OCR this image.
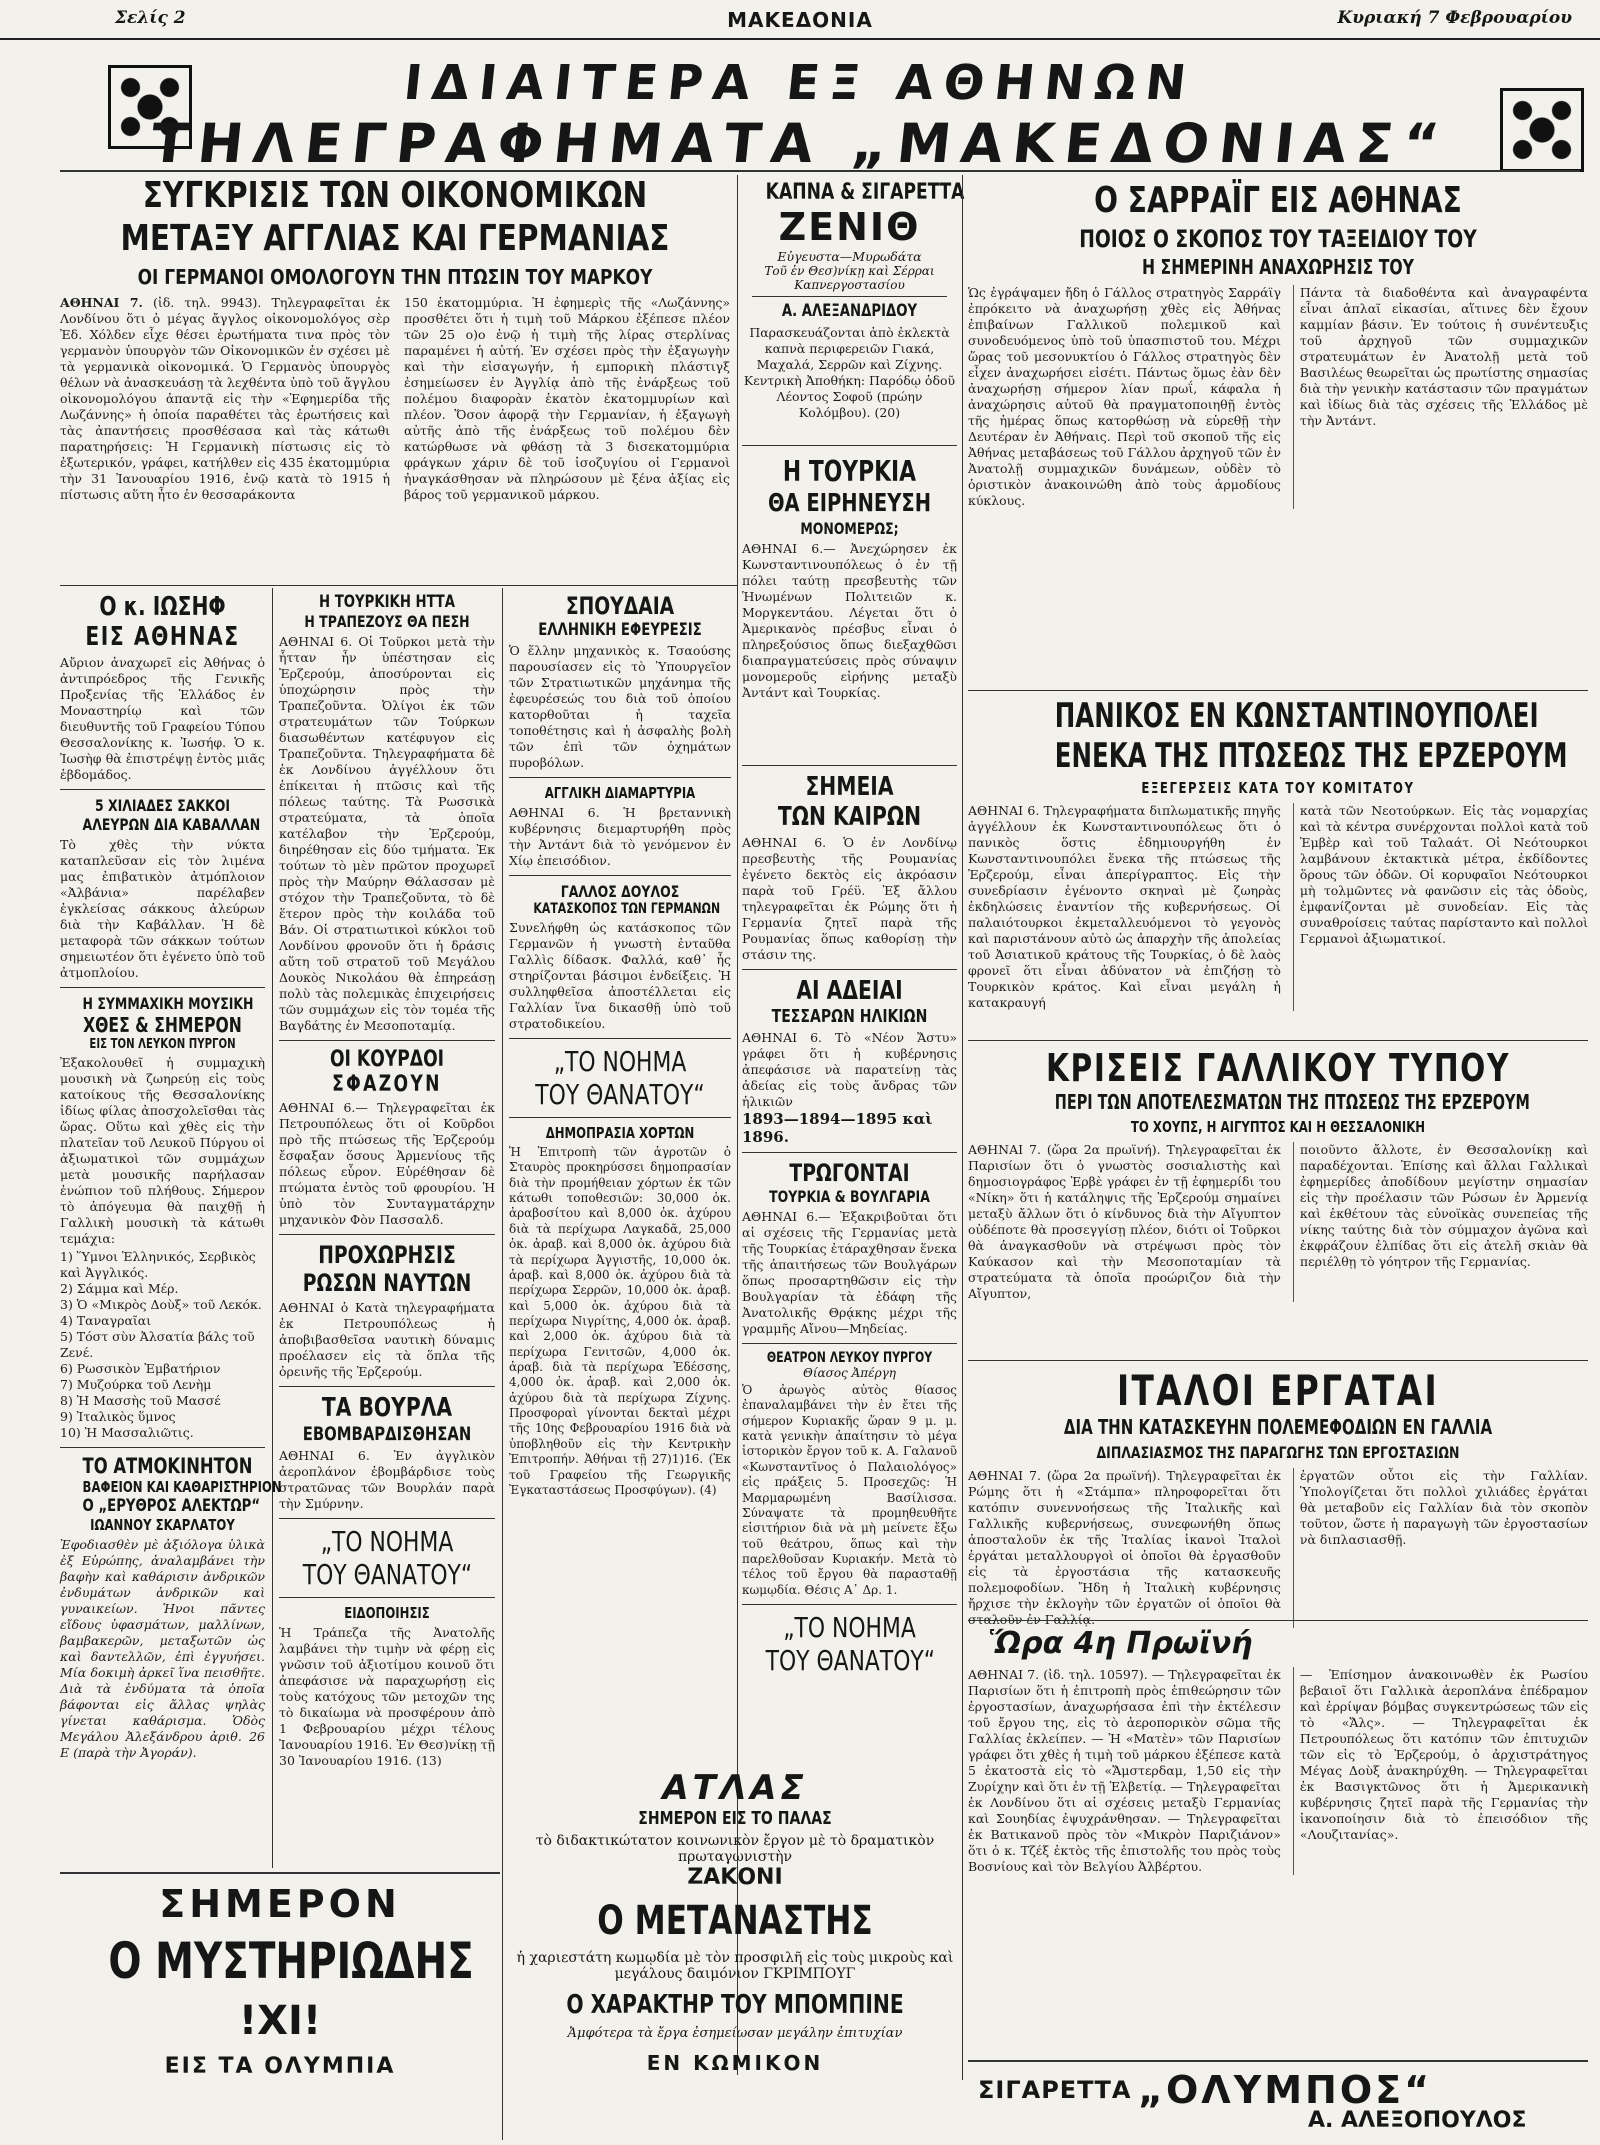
Σελίς 2	ΜΑΚΕΔΟΝΙΑ	Κυριακή 7 Φεβρουαρίου
ΙΔΙΑΙΤΕΡΑ ΕΞ ΑΘΗΝΩΝ
ΤΗΛΕΓΡΑΦΗΜΑΤΑ „ΜΑΚΕΔΟΝΙΑΣ“
ΣΥΓΚΡΙΣΙΣ ΤΩΝ ΟΙΚΟΝΟΜΙΚΩΝ
ΜΕΤΑΞΥ ΑΓΓΛΙΑΣ ΚΑΙ ΓΕΡΜΑΝΙΑΣ
ΟΙ ΓΕΡΜΑΝΟΙ ΟΜΟΛΟΓΟΥΝ ΤΗΝ ΠΤΩΣΙΝ ΤΟΥ ΜΑΡΚΟΥ
ΑΘΗΝΑΙ 7. (ἰδ. τηλ. 9943). Τηλεγραφεῖται ἐκ Λονδίνου ὅτι ὁ μέγας ἄγγλος οἰκονομολόγος σὲρ Ἐδ. Χόλδεν εἶχε θέσει ἐρωτήματα τινα πρὸς τὸν γερμανὸν ὑπουργὸν τῶν Οἰκονομικῶν ἐν σχέσει μὲ τὰ γερμανικὰ οἰκονομικά. Ὁ Γερμανὸς ὑπουργὸς θέλων νὰ ἀνασκευάσῃ τὰ λεχθέντα ὑπὸ τοῦ ἄγγλου οἰκονομολόγου ἀπαντᾷ εἰς τὴν «Ἐφημερίδα τῆς Λωζάννης» ἡ ὁποία παραθέτει τὰς ἐρωτήσεις καὶ τὰς ἀπαντήσεις προσθέσασα καὶ τὰς κάτωθι παρατηρήσεις: Ἡ Γερμανικὴ πίστωσις εἰς τὸ ἐξωτερικόν, γράφει, κατήλθεν εἰς 435 ἑκατομμύρια τὴν 31 Ἰανουαρίου 1916, ἐνῷ κατὰ τὸ 1915 ἡ πίστωσις αὕτη ἦτο ἐν θεσσαράκοντα
150 ἑκατομμύρια. Ἡ ἐφημερὶς τῆς «Λωζάννης» προσθέτει ὅτι ἡ τιμὴ τοῦ Μάρκου ἐξέπεσε πλέον τῶν 25 ο)ο ἐνῷ ἡ τιμὴ τῆς λίρας στερλίνας παραμένει ἡ αὐτή. Ἐν σχέσει πρὸς τὴν ἐξαγωγὴν καὶ τὴν εἰσαγωγήν, ἡ εμπορικὴ πλάστιγξ ἐσημείωσεν ἐν Ἀγγλίᾳ ἀπὸ τῆς ἐνάρξεως τοῦ πολέμου διαφορὰν ἑκατὸν ἑκατομμυρίων καὶ πλέον. Ὅσον ἀφορᾷ τὴν Γερμανίαν, ἡ ἐξαγωγὴ αὐτῆς ἀπὸ τῆς ἐνάρξεως τοῦ πολέμου δὲν κατώρθωσε νὰ φθάσῃ τὰ 3 δισεκατομμύρια φράγκων χάριν δὲ τοῦ ἰσοζυγίου οἱ Γερμανοὶ ἠναγκάσθησαν νὰ πληρώσουν μὲ ξένα ἀξίας εἰς βάρος τοῦ γερμανικοῦ μάρκου.
ΚΑΠΝΑ & ΣΙΓΑΡΕΤΤΑ
ΖΕΝΙΘ
Εὐγευστα—Μυρωδάτα
Τοῦ ἐν Θεσ)νίκῃ καὶ Σέρραι Καπνεργοστασίου
Α. ΑΛΕΞΑΝΔΡΙΔΟΥ
Παρασκευάζονται ἀπὸ ἐκλεκτὰ καπνὰ περιφερειῶν Γιακά, Μαχαλά, Σερρῶν καὶ Ζίχνης. Κεντρικὴ Ἀποθήκη: Παρόδῳ ὁδοῦ Λέοντος Σοφοῦ (πρώην Κολόμβου). (20)
Η ΤΟΥΡΚΙΑ
ΘΑ ΕΙΡΗΝΕΥΣΗ
ΜΟΝΟΜΕΡΩΣ;
ΑΘΗΝΑΙ 6.— Ἀνεχώρησεν ἐκ Κωνσταντινουπόλεως ὁ ἐν τῇ πόλει ταύτῃ πρεσβευτὴς τῶν Ἡνωμένων Πολιτειῶν κ. Μοργκεντάου. Λέγεται ὅτι ὁ Ἀμερικανὸς πρέσβυς εἶναι ὁ πληρεξούσιος ὅπως διεξαχθῶσι διαπραγματεύσεις πρὸς σύναψιν μονομεροῦς εἰρήνης μεταξὺ Ἀντάντ καὶ Τουρκίας.
Ο ΣΑΡΡΑΪΓ ΕΙΣ ΑΘΗΝΑΣ
ΠΟΙΟΣ Ο ΣΚΟΠΟΣ ΤΟΥ ΤΑΞΕΙΔΙΟΥ ΤΟΥ
Η ΣΗΜΕΡΙΝΗ ΑΝΑΧΩΡΗΣΙΣ ΤΟΥ
Ὡς ἐγράψαμεν ἤδη ὁ Γάλλος στρατηγὸς Σαρράϊγ ἐπρόκειτο νὰ ἀναχωρήσῃ χθὲς εἰς Ἀθήνας ἐπιβαίνων Γαλλικοῦ πολεμικοῦ καὶ συνοδευόμενος ὑπὸ τοῦ ὑπασπιστοῦ του. Μέχρι ὥρας τοῦ μεσονυκτίου ὁ Γάλλος στρατηγὸς δὲν εἶχεν ἀναχωρήσει εἰσέτι. Πάντως ὅμως ἐὰν δὲν ἀναχωρήσῃ σήμερον λίαν πρωΐ, κάφαλα ἡ ἀναχώρησις αὐτοῦ θὰ πραγματοποιηθῇ ἐντὸς τῆς ἡμέρας ὅπως κατορθώσῃ νὰ εὑρεθῇ τὴν Δευτέραν ἐν Ἀθήναις. Περὶ τοῦ σκοποῦ τῆς εἰς Ἀθήνας μεταβάσεως τοῦ Γάλλου ἀρχηγοῦ τῶν ἐν Ἀνατολῇ συμμαχικῶν δυνάμεων, οὐδὲν τὸ ὁριστικὸν ἀνακοινώθη ἀπὸ τοὺς ἁρμοδίους κύκλους.
Πάντα τὰ διαδοθέντα καὶ ἀναγραφέντα εἶναι ἁπλαῖ εἰκασίαι, αἵτινες δὲν ἔχουν καμμίαν βάσιν. Ἐν τούτοις ἡ συνέντευξις τοῦ ἀρχηγοῦ τῶν συμμαχικῶν στρατευμάτων ἐν Ἀνατολῇ μετὰ τοῦ Βασιλέως θεωρεῖται ὡς πρωτίστης σημασίας διὰ τὴν γενικὴν κατάστασιν τῶν πραγμάτων καὶ ἰδίως διὰ τὰς σχέσεις τῆς Ἑλλάδος μὲ τὴν Ἀντάντ.
Ο κ. ΙΩΣΗΦ
ΕΙΣ ΑΘΗΝΑΣ
Αὔριον ἀναχωρεῖ εἰς Ἀθήνας ὁ ἀντιπρόεδρος τῆς Γενικῆς Προξενίας τῆς Ἑλλάδος ἐν Μοναστηρίῳ καὶ τῶν διευθυντῆς τοῦ Γραφείου Τύπου Θεσσαλονίκης κ. Ἰωσήφ. Ὁ κ. Ἰωσὴφ θὰ ἐπιστρέψῃ ἐντὸς μιᾶς ἑβδομάδος.
5 ΧΙΛΙΑΔΕΣ ΣΑΚΚΟΙ
ΑΛΕΥΡΩΝ ΔΙΑ ΚΑΒΑΛΛΑΝ
Τὸ χθὲς τὴν νύκτα καταπλεῦσαν εἰς τὸν λιμένα μας ἐπιβατικὸν ἀτμόπλοιον «Ἀλβάνια» παρέλαβεν ἐγκλείσας σάκκους ἀλεύρων διὰ τὴν Καβάλλαν. Ἡ δὲ μεταφορὰ τῶν σάκκων τούτων σημειωτέον ὅτι ἐγένετο ὑπὸ τοῦ ἀτμοπλοίου.
Η ΣΥΜΜΑΧΙΚΗ ΜΟΥΣΙΚΗ
ΧΘΕΣ & ΣΗΜΕΡΟΝ
ΕΙΣ ΤΟΝ ΛΕΥΚΟΝ ΠΥΡΓΟΝ
Ἐξακολουθεῖ ἡ συμμαχικὴ μουσικὴ νὰ ζωηρεύῃ εἰς τοὺς κατοίκους τῆς Θεσσαλονίκης ἰδίως φίλας ἀποσχολεῖσθαι τὰς ὥρας. Οὕτω καὶ χθὲς εἰς τὴν πλατεῖαν τοῦ Λευκοῦ Πύργου οἱ ἀξιωματικοὶ τῶν συμμάχων μετὰ μουσικῆς παρήλασαν ἐνώπιον τοῦ πλήθους. Σήμερον τὸ ἀπόγευμα θὰ παιχθῇ ἡ Γαλλικὴ μουσικὴ τὰ κάτωθι τεμάχια:
1) Ὕμνοι Ἑλληνικός, Σερβικὸς καὶ Ἀγγλικός.
2) Σάμμα καὶ Μέρ.
3) Ὁ «Μικρὸς Δοὺξ» τοῦ Λεκόκ.
4) Ταναγραῖαι
5) Τόστ σὺν Ἀλσατία βάλς τοῦ Ζενέ.
6) Ρωσσικὸν Ἐμβατήριον
7) Μυζούρκα τοῦ Λενὴμ
8) Ἡ Μασσὴς τοῦ Μασσέ
9) Ἰταλικὸς ὕμνος
10) Ἡ Μασσαλιῶτις.
ΤΟ ΑΤΜΟΚΙΝΗΤΟΝ
ΒΑΦΕΙΟΝ ΚΑΙ ΚΑΘΑΡΙΣΤΗΡΙΟΝ
Ο „ΕΡΥΘΡΟΣ ΑΛΕΚΤΩΡ“
ΙΩΑΝΝΟΥ ΣΚΑΡΛΑΤΟΥ
Ἐφοδιασθὲν μὲ ἀξιόλογα ὑλικὰ ἐξ Εὐρώπης, ἀναλαμβάνει τὴν βαφὴν καὶ καθάρισιν ἀνδρικῶν ἐνδυμάτων ἀνδρικῶν καὶ γυναικείων. Ἡνοι πᾶντες εἴδους ὑφασμάτων, μαλλίνων, βαμβακερῶν, μεταξωτῶν ὡς καὶ δαντελλῶν, ἐπὶ ἐγγυήσει. Μία δοκιμὴ ἀρκεῖ ἵνα πεισθῆτε. Διὰ τὰ ἐνδύματα τὰ ὁποῖα βάφονται εἰς ἄλλας ψηλὰς γίνεται καθάρισμα. Ὁδὸς Μεγάλου Ἀλεξάνδρου ἀριθ. 26 Ε (παρὰ τὴν Ἀγοράν).
Η ΤΟΥΡΚΙΚΗ ΗΤΤΑ
Η ΤΡΑΠΕΖΟΥΣ ΘΑ ΠΕΣΗ
ΑΘΗΝΑΙ 6. Οἱ Τοῦρκοι μετὰ τὴν ἧτταν ἦν ὑπέστησαν εἰς Ἐρζερούμ, ἀποσύρονται εἰς ὑποχώρησιν πρὸς τὴν Τραπεζοῦντα. Ὀλίγοι ἐκ τῶν στρατευμάτων τῶν Τούρκων διασωθέντων κατέφυγον εἰς Τραπεζοῦντα. Τηλεγραφήματα δὲ ἐκ Λονδίνου ἀγγέλλουν ὅτι ἐπίκειται ἡ πτῶσις καὶ τῆς πόλεως ταύτης. Τὰ Ρωσσικὰ στρατεύματα, τὰ ὁποῖα κατέλαβον τὴν Ἐρζερούμ, διηρέθησαν εἰς δύο τμήματα. Ἐκ τούτων τὸ μὲν πρῶτον προχωρεῖ πρὸς τὴν Μαύρην Θάλασσαν μὲ στόχον τὴν Τραπεζοῦντα, τὸ δὲ ἕτερον πρὸς τὴν κοιλάδα τοῦ Βάν. Οἱ στρατιωτικοὶ κύκλοι τοῦ Λονδίνου φρονοῦν ὅτι ἡ δράσις αὕτη τοῦ στρατοῦ τοῦ Μεγάλου Δουκὸς Νικολάου θὰ ἐπηρεάσῃ πολὺ τὰς πολεμικὰς ἐπιχειρήσεις τῶν συμμάχων εἰς τὸν τομέα τῆς Βαγδάτης ἐν Μεσοποταμίᾳ.
ΟΙ ΚΟΥΡΔΟΙ
ΣΦΑΖΟΥΝ
ΑΘΗΝΑΙ 6.— Τηλεγραφεῖται ἐκ Πετρουπόλεως ὅτι οἱ Κοῦρδοι πρὸ τῆς πτώσεως τῆς Ἐρζερούμ ἔσφαξαν ὅσους Ἀρμενίους τῆς πόλεως εὗρον. Εὑρέθησαν δὲ πτώματα ἐντὸς τοῦ φρουρίου. Ἡ ὑπὸ τὸν Συνταγματάρχην μηχανικὸν Φὸν Πασσαλδ.
ΠΡΟΧΩΡΗΣΙΣ
ΡΩΣΩΝ ΝΑΥΤΩΝ
ΑΘΗΝΑΙ ὁ Κατὰ τηλεγραφήματα ἐκ Πετρουπόλεως ἡ ἀποβιβασθεῖσα ναυτικὴ δύναμις προέλασεν εἰς τὰ ὅπλα τῆς ὀρεινῆς τῆς Ἐρζερούμ.
ΤΑ ΒΟΥΡΛΑ
ΕΒΟΜΒΑΡΔΙΣΘΗΣΑΝ
ΑΘΗΝΑΙ 6. Ἐν ἀγγλικὸν ἀεροπλάνον ἐβομβάρδισε τοὺς στρατῶνας τῶν Βουρλάν παρὰ τὴν Σμύρνην.
„ΤΟ ΝΟΗΜΑ
ΤΟΥ ΘΑΝΑΤΟΥ“
ΕΙΔΟΠΟΙΗΣΙΣ
Ἡ Τράπεζα τῆς Ἀνατολῆς λαμβάνει τὴν τιμὴν νὰ φέρῃ εἰς γνῶσιν τοῦ ἀξιοτίμου κοινοῦ ὅτι ἀπεφάσισε νὰ παραχωρήσῃ εἰς τοὺς κατόχους τῶν μετοχῶν της τὸ δικαίωμα νὰ προσφέρουν ἀπὸ 1 Φεβρουαρίου μέχρι τέλους Ἰανουαρίου 1916. Ἐν Θεσ)νίκῃ τῇ 30 Ἰανουαρίου 1916. (13)
ΣΠΟΥΔΑΙΑ
ΕΛΛΗΝΙΚΗ ΕΦΕΥΡΕΣΙΣ
Ὁ ἕλλην μηχανικὸς κ. Τσαούσης παρουσίασεν εἰς τὸ Ὑπουργεῖον τῶν Στρατιωτικῶν μηχάνημα τῆς ἐφευρέσεώς του διὰ τοῦ ὁποίου κατορθοῦται ἡ ταχεῖα τοποθέτησις καὶ ἡ ἀσφαλὴς βολὴ τῶν ἐπὶ τῶν ὀχημάτων πυροβόλων.
ΑΓΓΛΙΚΗ ΔΙΑΜΑΡΤΥΡΙΑ
ΑΘΗΝΑΙ 6. Ἡ βρεταννικὴ κυβέρνησις διεμαρτυρήθη πρὸς τὴν Ἀντάντ διὰ τὸ γενόμενον ἐν Χίῳ ἐπεισόδιον.
ΓΑΛΛΟΣ ΔΟΥΛΟΣ
ΚΑΤΑΣΚΟΠΟΣ ΤΩΝ ΓΕΡΜΑΝΩΝ
Συνελήφθη ὡς κατάσκοπος τῶν Γερμανῶν ἡ γνωστὴ ἐνταῦθα Γαλλὶς δίδασκ. Φαλλά, καθ᾽ ἧς στηρίζονται βάσιμοι ἐνδείξεις. Ἡ συλληφθεῖσα ἀποστέλλεται εἰς Γαλλίαν ἵνα δικασθῇ ὑπὸ τοῦ στρατοδικείου.
„ΤΟ ΝΟΗΜΑ
ΤΟΥ ΘΑΝΑΤΟΥ“
ΔΗΜΟΠΡΑΣΙΑ ΧΟΡΤΩΝ
Ἡ Ἐπιτροπὴ τῶν ἀγροτῶν ὁ Σταυρὸς προκηρύσσει δημοπρασίαν διὰ τὴν προμήθειαν χόρτων ἐκ τῶν κάτωθι τοποθεσιῶν: 30,000 ὀκ. ἀραβοσίτου καὶ 8,000 ὀκ. ἀχύρου διὰ τὰ περίχωρα Λαγκαδᾶ, 25,000 ὀκ. ἀραβ. καὶ 8,000 ὀκ. ἀχύρου διὰ τὰ περίχωρα Ἀγγιστῆς, 10,000 ὀκ. ἀραβ. καὶ 8,000 ὀκ. ἀχύρου διὰ τὰ περίχωρα Σερρῶν, 10,000 ὀκ. ἀραβ. καὶ 5,000 ὀκ. ἀχύρου διὰ τὰ περίχωρα Νιγρίτης, 4,000 ὀκ. ἀραβ. καὶ 2,000 ὀκ. ἀχύρου διὰ τὰ περίχωρα Γενιτσῶν, 4,000 ὀκ. ἀραβ. διὰ τὰ περίχωρα Ἐδέσσης, 4,000 ὀκ. ἀραβ. καὶ 2,000 ὀκ. ἀχύρου διὰ τὰ περίχωρα Ζίχνης. Προσφοραὶ γίνονται δεκταὶ μέχρι τῆς 10ης Φεβρουαρίου 1916 διὰ νὰ ὑποβληθοῦν εἰς τὴν Κεντρικὴν Ἐπιτροπήν. Ἀθήναι τῇ 27)1)16. (Ἐκ τοῦ Γραφείου τῆς Γεωργικῆς Ἐγκαταστάσεως Προσφύγων). (4)
ΣΗΜΕΙΑ
ΤΩΝ ΚΑΙΡΩΝ
ΑΘΗΝΑΙ 6. Ὁ ἐν Λονδίνῳ πρεσβευτὴς τῆς Ρουμανίας ἐγένετο δεκτὸς εἰς ἀκρόασιν παρὰ τοῦ Γρέϋ. Ἐξ ἄλλου τηλεγραφεῖται ἐκ Ρώμης ὅτι ἡ Γερμανία ζητεῖ παρὰ τῆς Ρουμανίας ὅπως καθορίσῃ τὴν στάσιν της.
ΑΙ ΑΔΕΙΑΙ
ΤΕΣΣΑΡΩΝ ΗΛΙΚΙΩΝ
ΑΘΗΝΑΙ 6. Τὸ «Νέον Ἄστυ» γράφει ὅτι ἡ κυβέρνησις ἀπεφάσισε νὰ παρατείνῃ τὰς ἀδείας εἰς τοὺς ἄνδρας τῶν ἡλικιῶν
1893—1894—1895 καὶ 1896.
ΤΡΩΓΟΝΤΑΙ
ΤΟΥΡΚΙΑ & ΒΟΥΛΓΑΡΙΑ
ΑΘΗΝΑΙ 6.— Ἐξακριβοῦται ὅτι αἱ σχέσεις τῆς Γερμανίας μετὰ τῆς Τουρκίας ἐτάραχθησαν ἕνεκα τῆς ἀπαιτήσεως τῶν Βουλγάρων ὅπως προσαρτηθῶσιν εἰς τὴν Βουλγαρίαν τὰ ἐδάφη τῆς Ἀνατολικῆς Θρᾴκης μέχρι τῆς γραμμῆς Αἴνου—Μηδείας.
ΘΕΑΤΡΟΝ ΛΕΥΚΟΥ ΠΥΡΓΟΥ
Θίασος Ἀπέργη
Ὁ ἀρωγὸς αὐτὸς θίασος ἐπαναλαμβάνει τὴν ἐν ἔτει τῆς σήμερον Κυριακῆς ὥραν 9 μ. μ. κατὰ γενικὴν ἀπαίτησιν τὸ μέγα ἱστορικὸν ἔργον τοῦ κ. Α. Γαλανοῦ «Κωνσταντῖνος ὁ Παλαιολόγος» εἰς πράξεις 5. Προσεχῶς: Ἡ Μαρμαρωμένη Βασίλισσα. Σύναψατε τὰ προμηθευθῆτε εἰσιτήριον διὰ νὰ μὴ μείνετε ἔξω τοῦ θεάτρου, ὅπως καὶ τὴν παρελθοῦσαν Κυριακήν. Μετὰ τὸ τέλος τοῦ ἔργου θὰ παρασταθῇ κωμῳδία. Θέσις Α᾽ Δρ. 1.
„ΤΟ ΝΟΗΜΑ
ΤΟΥ ΘΑΝΑΤΟΥ“
ΠΑΝΙΚΟΣ ΕΝ ΚΩΝΣΤΑΝΤΙΝΟΥΠΟΛΕΙ
ΕΝΕΚΑ ΤΗΣ ΠΤΩΣΕΩΣ ΤΗΣ ΕΡΖΕΡΟΥΜ
ΕΞΕΓΕΡΣΕΙΣ ΚΑΤΑ ΤΟΥ ΚΟΜΙΤΑΤΟΥ
ΑΘΗΝΑΙ 6. Τηλεγραφήματα διπλωματικῆς πηγῆς ἀγγέλλουν ἐκ Κωνσταντινουπόλεως ὅτι ὁ πανικὸς ὅστις ἐδημιουργήθη ἐν Κωνσταντινουπόλει ἕνεκα τῆς πτώσεως τῆς Ἐρζερούμ, εἶναι ἀπερίγραπτος. Εἰς τὴν συνεδρίασιν ἐγένοντο σκηναὶ μὲ ζωηρὰς ἐκδηλώσεις ἐναντίον τῆς κυβερνήσεως. Οἱ παλαιότουρκοι ἐκμεταλλευόμενοι τὸ γεγονὸς καὶ παριστάνουν αὐτὸ ὡς ἀπαρχὴν τῆς ἀπολείας τοῦ Ἀσιατικοῦ κράτους τῆς Τουρκίας, ὁ δὲ λαὸς φρονεῖ ὅτι εἶναι ἀδύνατον νὰ ἐπιζήσῃ τὸ Τουρκικὸν κράτος. Καὶ εἶναι μεγάλη ἡ κατακραυγή
κατὰ τῶν Νεοτούρκων. Εἰς τὰς νομαρχίας καὶ τὰ κέντρα συνέρχονται πολλοὶ κατὰ τοῦ Ἐμβὲρ καὶ τοῦ Ταλαάτ. Οἱ Νεότουρκοι λαμβάνουν ἐκτακτικὰ μέτρα, ἐκδίδοντες ὅρους τῶν ὁδῶν. Οἱ κορυφαῖοι Νεότουρκοι μὴ τολμῶντες νὰ φανῶσιν εἰς τὰς ὁδοὺς, ἐμφανίζονται μὲ συνοδείαν. Εἰς τὰς συναθροίσεις ταύτας παρίσταντο καὶ πολλοὶ Γερμανοὶ ἀξιωματικοί.
ΚΡΙΣΕΙΣ ΓΑΛΛΙΚΟΥ ΤΥΠΟΥ
ΠΕΡΙ ΤΩΝ ΑΠΟΤΕΛΕΣΜΑΤΩΝ ΤΗΣ ΠΤΩΣΕΩΣ ΤΗΣ ΕΡΖΕΡΟΥΜ
ΤΟ ΧΟΥΠΣ, Η ΑΙΓΥΠΤΟΣ ΚΑΙ Η ΘΕΣΣΑΛΟΝΙΚΗ
ΑΘΗΝΑΙ 7. (ὥρα 2α πρωϊνή). Τηλεγραφεῖται ἐκ Παρισίων ὅτι ὁ γνωστὸς σοσιαλιστὴς καὶ δημοσιογράφος Ἐρβὲ γράφει ἐν τῇ ἐφημερίδι του «Νίκη» ὅτι ἡ κατάληψις τῆς Ἐρζερούμ σημαίνει μεταξὺ ἄλλων ὅτι ὁ κίνδυνος διὰ τὴν Αἴγυπτον οὐδέποτε θὰ προσεγγίσῃ πλέον, διότι οἱ Τοῦρκοι θὰ ἀναγκασθοῦν νὰ στρέψωσι πρὸς τὸν Καύκασον καὶ τὴν Μεσοποταμίαν τὰ στρατεύματα τὰ ὁποῖα προώριζον διὰ τὴν Αἴγυπτον,
ποιοῦντο ἄλλοτε, ἐν Θεσσαλονίκῃ καὶ παραδέχονται. Ἐπίσης καὶ ἄλλαι Γαλλικαὶ ἐφημερίδες ἀποδίδουν μεγίστην σημασίαν εἰς τὴν προέλασιν τῶν Ρώσων ἐν Ἀρμενίᾳ καὶ ἐκθέτουν τὰς εὐνοϊκὰς συνεπείας τῆς νίκης ταύτης διὰ τὸν σύμμαχον ἀγῶνα καὶ ἐκφράζουν ἐλπίδας ὅτι εἰς ἀτελῆ σκιὰν θὰ περιέλθῃ τὸ γόητρον τῆς Γερμανίας.
ΙΤΑΛΟΙ ΕΡΓΑΤΑΙ
ΔΙΑ ΤΗΝ ΚΑΤΑΣΚΕΥΗΝ ΠΟΛΕΜΕΦΟΔΙΩΝ ΕΝ ΓΑΛΛΙΑ
ΔΙΠΛΑΣΙΑΣΜΟΣ ΤΗΣ ΠΑΡΑΓΩΓΗΣ ΤΩΝ ΕΡΓΟΣΤΑΣΙΩΝ
ΑΘΗΝΑΙ 7. (ὥρα 2α πρωϊνή). Τηλεγραφεῖται ἐκ Ρώμης ὅτι ἡ «Στάμπα» πληροφορεῖται ὅτι κατόπιν συνεννοήσεως τῆς Ἰταλικῆς καὶ Γαλλικῆς κυβερνήσεως, συνεφωνήθη ὅπως ἀποσταλοῦν ἐκ τῆς Ἰταλίας ἰκανοὶ Ἰταλοὶ ἐργάται μεταλλουργοὶ οἱ ὁποῖοι θὰ ἐργασθοῦν εἰς τὰ ἐργοστάσια τῆς κατασκευῆς πολεμοφοδίων. Ἤδη ἡ Ἰταλικὴ κυβέρνησις ἤρχισε τὴν ἐκλογὴν τῶν ἐργατῶν οἱ ὁποῖοι θὰ σταλοῦν ἐν Γαλλίᾳ.
ἐργατῶν οὗτοι εἰς τὴν Γαλλίαν. Ὑπολογίζεται ὅτι πολλοὶ χιλιάδες ἐργάται θὰ μεταβοῦν εἰς Γαλλίαν διὰ τὸν σκοπὸν τοῦτον, ὥστε ἡ παραγωγὴ τῶν ἐργοστασίων νὰ διπλασιασθῇ.
Ὥρα 4η Πρωϊνή
ΑΘΗΝΑΙ 7. (ἰδ. τηλ. 10597). — Τηλεγραφεῖται ἐκ Παρισίων ὅτι ἡ ἐπιτροπὴ πρὸς ἐπιθεώρησιν τῶν ἐργοστασίων, ἀναχωρήσασα ἐπὶ τὴν ἐκτέλεσιν τοῦ ἔργου της, εἰς τὸ ἀεροπορικὸν σῶμα τῆς Γαλλίας ἐκλείπεν. — Ἡ «Ματὲν» τῶν Παρισίων γράφει ὅτι χθὲς ἡ τιμὴ τοῦ μάρκου ἐξέπεσε κατὰ 5 ἑκατοστὰ εἰς τὸ «Ἄμστερδαμ, 1,50 εἰς τὴν Ζυρίχην καὶ ὅτι ἐν τῇ Ἑλβετίᾳ. — Τηλεγραφεῖται ἐκ Λονδίνου ὅτι αἱ σχέσεις μεταξὺ Γερμανίας καὶ Σουηδίας ἐψυχράνθησαν. — Τηλεγραφεῖται ἐκ Βατικανοῦ πρὸς τὸν «Μικρὸν Παριζιάνον» ὅτι ὁ κ. Τζέξ ἐκτὸς τῆς ἐπιστολῆς του πρὸς τοὺς Βοσνίους καὶ τὸν Βελγίου Ἀλβέρτου.
— Ἐπίσημον ἀνακοινωθὲν ἐκ Ρωσίου βεβαιοῖ ὅτι Γαλλικὰ ἀεροπλάνα ἐπέδραμον καὶ ἐρρίψαν βόμβας συγκεντρώσεως τῶν εἰς τὸ «Ἄλς». — Τηλεγραφεῖται ἐκ Πετρουπόλεως ὅτι κατόπιν τῶν ἐπιτυχιῶν τῶν εἰς τὸ Ἐρζερούμ, ὁ ἀρχιστράτηγος Μέγας Δοὺξ ἀνακηρύχθη. — Τηλεγραφεῖται ἐκ Βασιγκτῶνος ὅτι ἡ Ἀμερικανικὴ κυβέρνησις ζητεῖ παρὰ τῆς Γερμανίας τὴν ἱκανοποίησιν διὰ τὸ ἐπεισόδιον τῆς «Λουζιτανίας».
ΣΗΜΕΡΟΝ
Ο ΜΥΣΤΗΡΙΩΔΗΣ
!ΧΙ!
ΕΙΣ ΤΑ ΟΛΥΜΠΙΑ
ΑΤΛΑΣ
ΣΗΜΕΡΟΝ ΕΙΣ ΤΟ ΠΑΛΑΣ
τὸ διδακτικώτατον κοινωνικὸν ἔργον μὲ τὸ δραματικὸν πρωταγωνιστὴν
ΖΑΚΟΝΙ
Ο ΜΕΤΑΝΑΣΤΗΣ
ἡ χαριεστάτη κωμῳδία μὲ τὸν προσφιλῆ εἰς τοὺς μικροὺς καὶ μεγάλους δαιμόνιον ΓΚΡΙΜΠΟΥΓ
Ο ΧΑΡΑΚΤΗΡ ΤΟΥ ΜΠΟΜΠΙΝΕ
Ἀμφότερα τὰ ἔργα ἐσημείωσαν μεγάλην ἐπιτυχίαν
ΕΝ ΚΩΜΙΚΟΝ
ΣΙΓΑΡΕΤΤΑ „ΟΛΥΜΠΟΣ“
Α. ΑΛΕΞΟΠΟΥΛΟΣ
